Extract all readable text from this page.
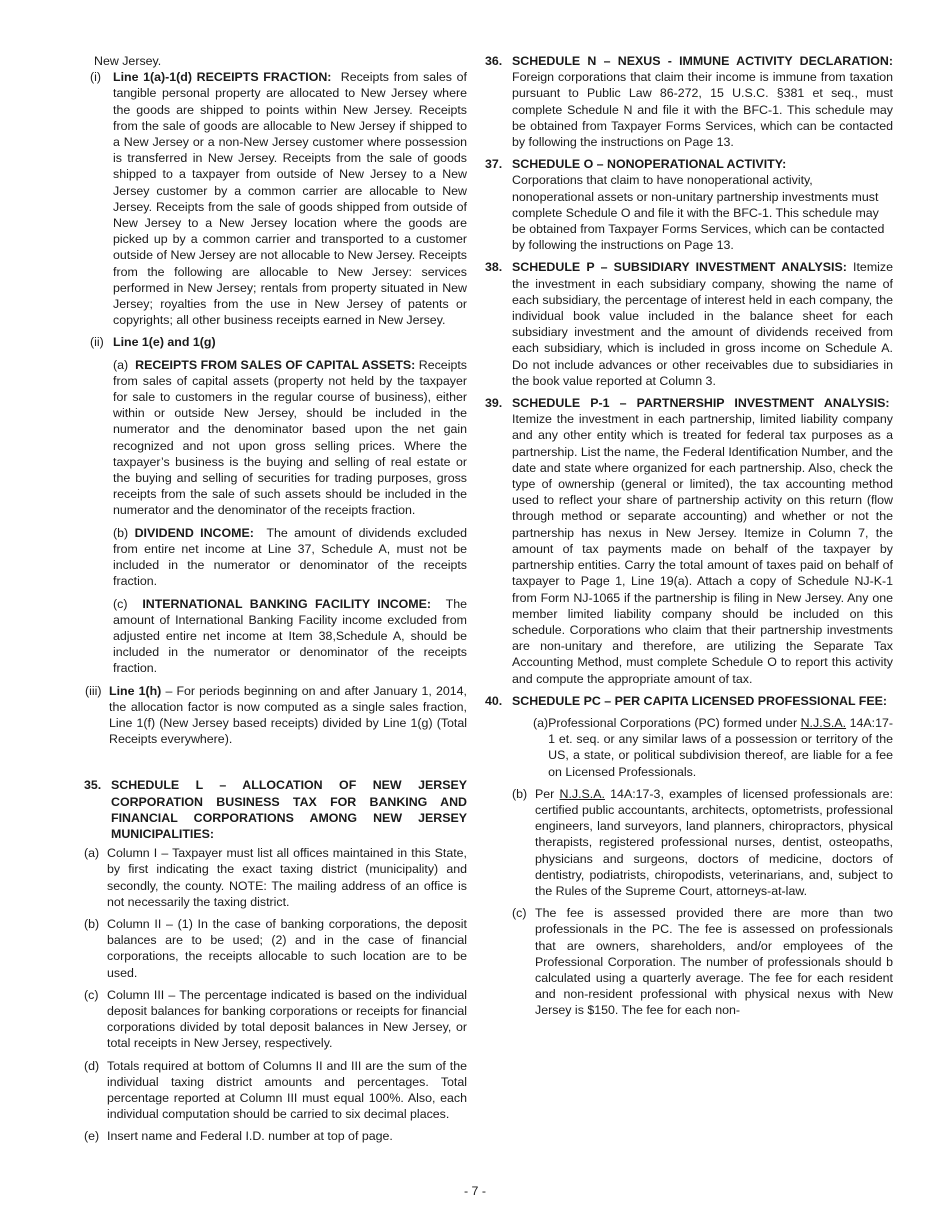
New Jersey.

(i) Line 1(a)-1(d) RECEIPTS FRACTION: Receipts from sales of tangible personal property are allocated to New Jersey where the goods are shipped to points within New Jersey. Receipts from the sale of goods are allocable to New Jersey if shipped to a New Jersey or a non-New Jersey customer where possession is transferred in New Jersey. Receipts from the sale of goods shipped to a taxpayer from outside of New Jersey to a New Jersey customer by a common carrier are allocable to New Jersey. Receipts from the sale of goods shipped from outside of New Jersey to a New Jersey location where the goods are picked up by a common carrier and transported to a customer outside of New Jersey are not allocable to New Jersey. Receipts from the following are allocable to New Jersey: services performed in New Jersey; rentals from property situated in New Jersey; royalties from the use in New Jersey of patents or copyrights; all other business receipts earned in New Jersey.

(ii) Line 1(e) and 1(g)

(a) RECEIPTS FROM SALES OF CAPITAL ASSETS: Receipts from sales of capital assets (property not held by the taxpayer for sale to customers in the regular course of business), either within or outside New Jersey, should be included in the numerator and the denominator based upon the net gain recognized and not upon gross selling prices. Where the taxpayer’s business is the buying and selling of real estate or the buying and selling of securities for trading purposes, gross receipts from the sale of such assets should be included in the numerator and the denominator of the receipts fraction.

(b) DIVIDEND INCOME: The amount of dividends excluded from entire net income at Line 37, Schedule A, must not be included in the numerator or denominator of the receipts fraction.

(c) INTERNATIONAL BANKING FACILITY INCOME: The amount of International Banking Facility income excluded from adjusted entire net income at Item 38,Schedule A, should be included in the numerator or denominator of the receipts fraction.

(iii) Line 1(h) – For periods beginning on and after January 1, 2014, the allocation factor is now computed as a single sales fraction, Line 1(f) (New Jersey based receipts) divided by Line 1(g) (Total Receipts everywhere).

35. SCHEDULE L – ALLOCATION OF NEW JERSEY CORPORATION BUSINESS TAX FOR BANKING AND FINANCIAL CORPORATIONS AMONG NEW JERSEY MUNICIPALITIES:

(a) Column I – Taxpayer must list all offices maintained in this State, by first indicating the exact taxing district (municipality) and secondly, the county. NOTE: The mailing address of an office is not necessarily the taxing district.

(b) Column II – (1) In the case of banking corporations, the deposit balances are to be used; (2) and in the case of financial corporations, the receipts allocable to such location are to be used.

(c) Column III – The percentage indicated is based on the individual deposit balances for banking corporations or receipts for financial corporations divided by total deposit balances in New Jersey, or total receipts in New Jersey, respectively.

(d) Totals required at bottom of Columns II and III are the sum of the individual taxing district amounts and percentages. Total percentage reported at Column III must equal 100%. Also, each individual computation should be carried to six decimal places.

(e) Insert name and Federal I.D. number at top of page.

36. SCHEDULE N – NEXUS - IMMUNE ACTIVITY DECLARATION: Foreign corporations that claim their income is immune from taxation pursuant to Public Law 86-272, 15 U.S.C. §381 et seq., must complete Schedule N and file it with the BFC-1. This schedule may be obtained from Taxpayer Forms Services, which can be contacted by following the instructions on Page 13.

37. SCHEDULE O – NONOPERATIONAL ACTIVITY:

Corporations that claim to have nonoperational activity, nonoperational assets or non-unitary partnership investments must complete Schedule O and file it with the BFC-1. This schedule may be obtained from Taxpayer Forms Services, which can be contacted by following the instructions on Page 13.

38. SCHEDULE P – SUBSIDIARY INVESTMENT ANALYSIS: Itemize the investment in each subsidiary company, showing the name of each subsidiary, the percentage of interest held in each company, the individual book value included in the balance sheet for each subsidiary investment and the amount of dividends received from each subsidiary, which is included in gross income on Schedule A. Do not include advances or other receivables due to subsidiaries in the book value reported at Column 3.

39. SCHEDULE P-1 – PARTNERSHIP INVESTMENT ANALYSIS:  Itemize the investment in each partnership, limited liability company and any other entity which is treated for federal tax purposes as a partnership. List the name, the Federal Identification Number, and the date and state where organized for each partnership. Also, check the type of ownership (general or limited), the tax accounting method used to reflect your share of partnership activity on this return (flow through method or separate accounting) and whether or not the partnership has nexus in New Jersey. Itemize in Column 7, the amount of tax payments made on behalf of the taxpayer by partnership entities. Carry the total amount of taxes paid on behalf of taxpayer to Page 1, Line 19(a). Attach a copy of Schedule NJ-K-1 from Form NJ-1065 if the partnership is filing in New Jersey. Any one member limited liability company should be included on this schedule. Corporations who claim that their partnership investments are non-unitary and therefore, are utilizing the Separate Tax Accounting Method, must complete Schedule O to report this activity and compute the appropriate amount of tax.

40. SCHEDULE PC – PER CAPITA LICENSED PROFESSIONAL FEE:

(a) Professional Corporations (PC) formed under N.J.S.A. 14A:17-1 et. seq. or any similar laws of a possession or territory of the US, a state, or political subdivision thereof, are liable for a fee on Licensed Professionals.

(b) Per N.J.S.A. 14A:17-3, examples of licensed professionals are: certified public accountants, architects, optometrists, professional engineers, land surveyors, land planners, chiropractors, physical therapists, registered professional nurses, dentist, osteopaths, physicians and surgeons, doctors of medicine, doctors of dentistry, podiatrists, chiropodists, veterinarians, and, subject to the Rules of the Supreme Court, attorneys-at-law.

(c) The fee is assessed provided there are more than two professionals in the PC. The fee is assessed on professionals that are owners, shareholders, and/or employees of the Professional Corporation. The number of professionals should b calculated using a quarterly average. The fee for each resident and non-resident professional with physical nexus with New Jersey is $150. The fee for each non-

- 7 -
